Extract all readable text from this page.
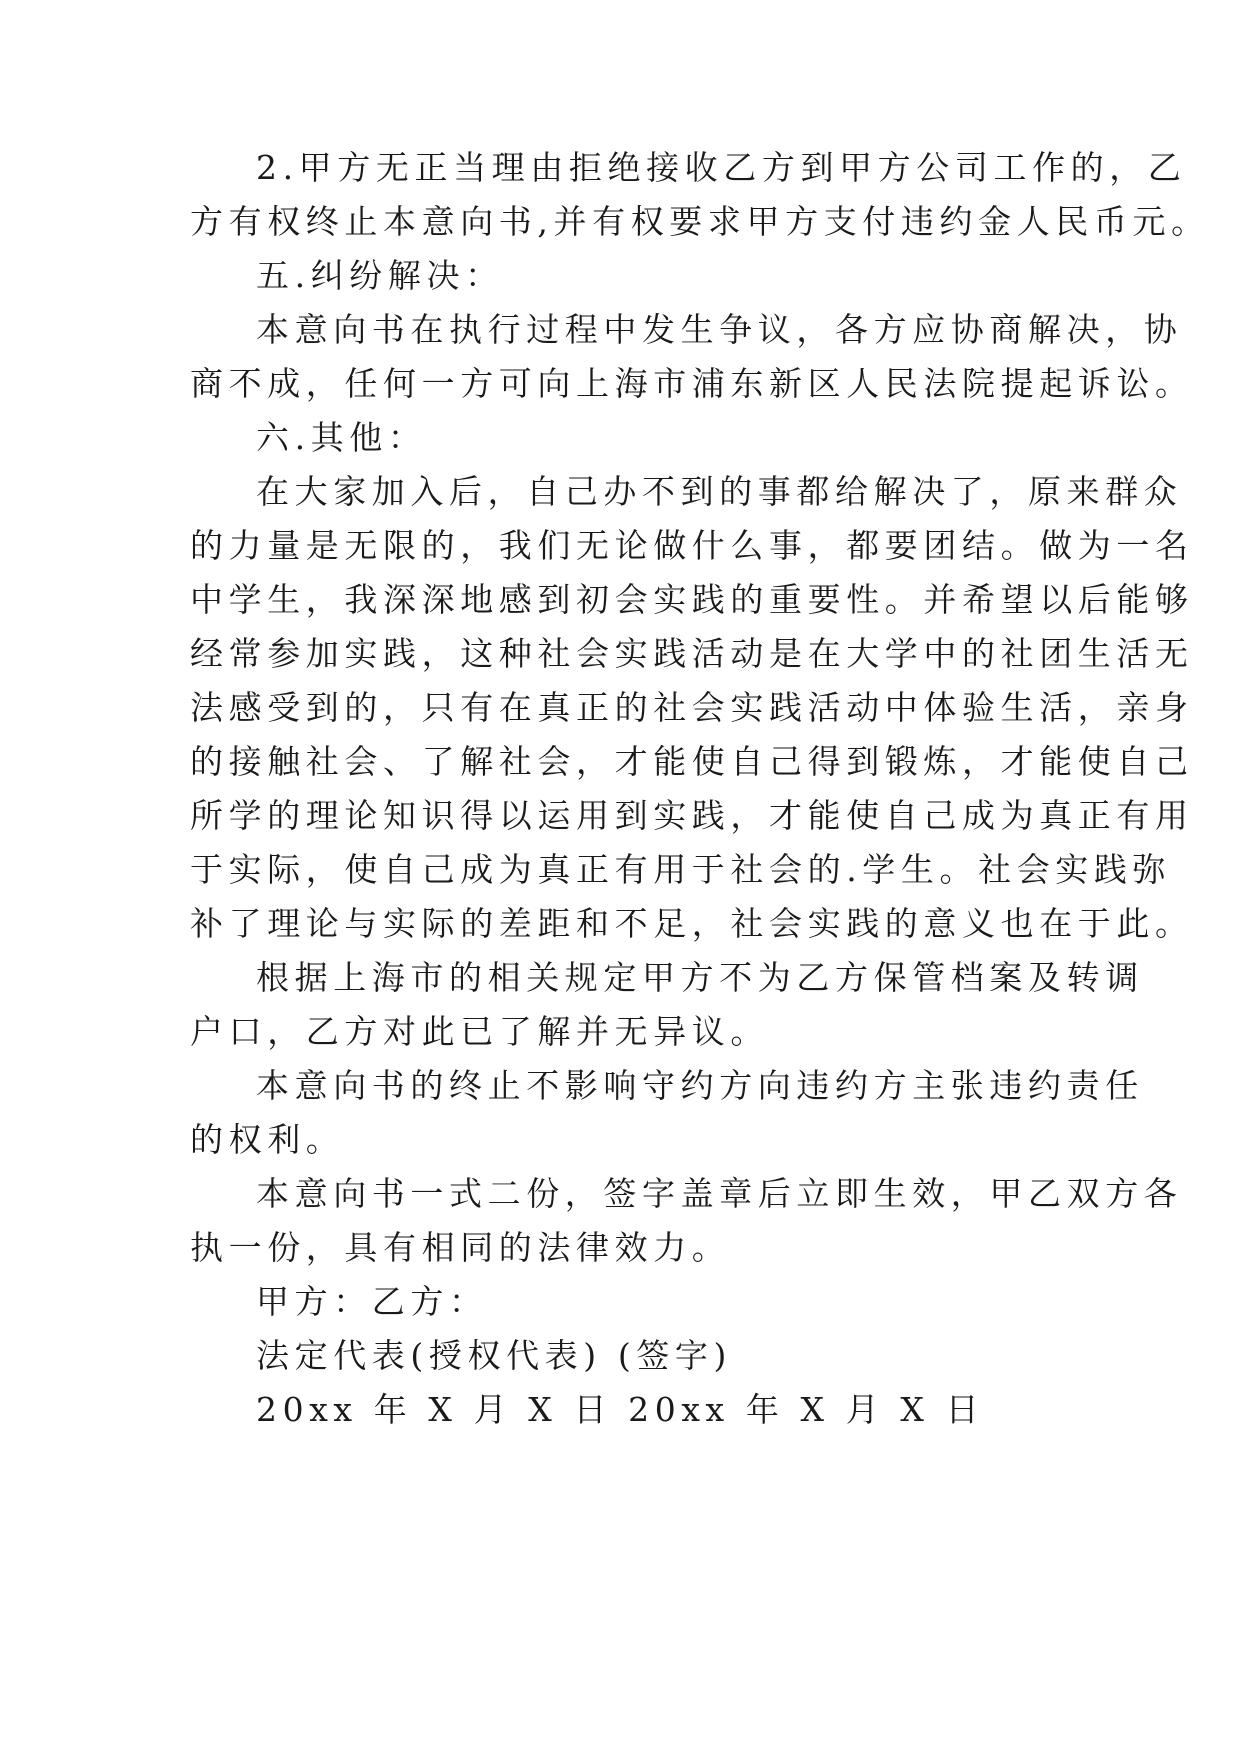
2.甲方无正当理由拒绝接收乙方到甲方公司工作的，乙
方有权终止本意向书,并有权要求甲方支付违约金人民币元。
五.纠纷解决：
本意向书在执行过程中发生争议，各方应协商解决，协
商不成，任何一方可向上海市浦东新区人民法院提起诉讼。
六.其他：
在大家加入后，自己办不到的事都给解决了，原来群众
的力量是无限的，我们无论做什么事，都要团结。做为一名
中学生，我深深地感到初会实践的重要性。并希望以后能够
经常参加实践，这种社会实践活动是在大学中的社团生活无
法感受到的，只有在真正的社会实践活动中体验生活，亲身
的接触社会、了解社会，才能使自己得到锻炼，才能使自己
所学的理论知识得以运用到实践，才能使自己成为真正有用
于实际，使自己成为真正有用于社会的.学生。社会实践弥
补了理论与实际的差距和不足，社会实践的意义也在于此。
根据上海市的相关规定甲方不为乙方保管档案及转调
户口，乙方对此已了解并无异议。
本意向书的终止不影响守约方向违约方主张违约责任
的权利。
本意向书一式二份，签字盖章后立即生效，甲乙双方各
执一份，具有相同的法律效力。
甲方：乙方：
法定代表(授权代表) (签字)
20xx 年 X 月 X 日 20xx 年 X 月 X 日
